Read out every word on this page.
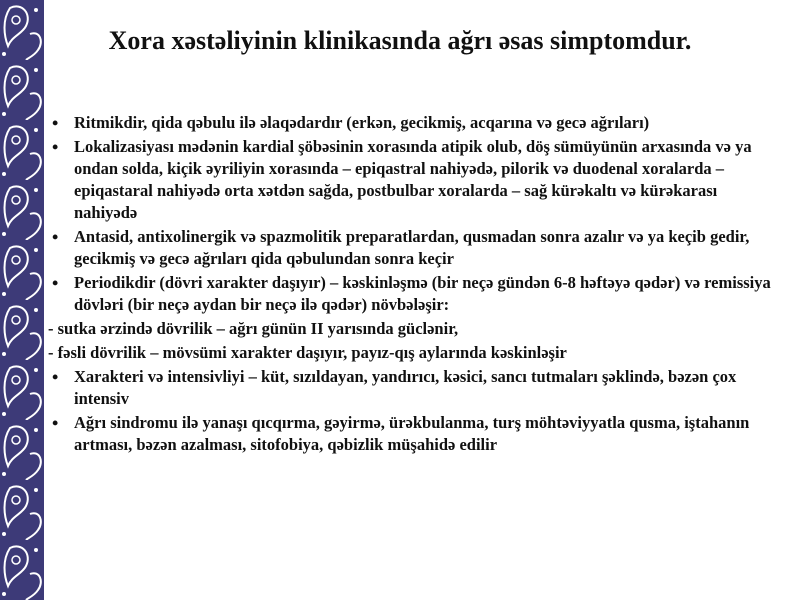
Xora xəstəliyinin klinikasında ağrı əsas simptomdur.
• Ritmikdir, qida qəbulu ilə əlaqədardır (erkən, gecikmiş, acqarına və gecə ağrıları)
• Lokalizasiyası mədənin kardial şöbəsinin xorasında atipik olub, döş sümüyünün arxasında və ya ondan solda, kiçik əyriliyin xorasında – epiqastral nahiyədə, pilorik və duodenal xoralarda – epiqastaral nahiyədə orta xətdən sağda, postbulbar xoralarda – sağ kürəkaltı və kürəkarası nahiyədə
• Antasid, antixolinergik və spazmolitik preparatlardan, qusmadan sonra azalır və ya keçib gedir, gecikmiş və gecə ağrıları qida qəbulundan sonra keçir
• Periodikdir (dövri xarakter daşıyır) – kəskinləşmə (bir neçə gündən 6-8 həftəyə qədər) və remissiya dövləri (bir neçə aydan bir neçə ilə qədər) növbələşir:
- sutka ərzində dövrilik – ağrı günün II yarısında güclənir,
- fəsli dövrilik – mövsümi xarakter daşıyır, payız-qış aylarında kəskinləşir
• Xarakteri və intensivliyi – küt, sızıldayan, yandırıcı, kəsici, sancı tutmaları şəklində, bəzən çox intensiv
• Ağrı sindromu ilə yanaşı qıcqırma, gəyirmə, ürəkbulanma, turş möhtəviyyatla qusma, iştahanın artması, bəzən azalması, sitofobiya, qəbizlik müşahidə edilir
